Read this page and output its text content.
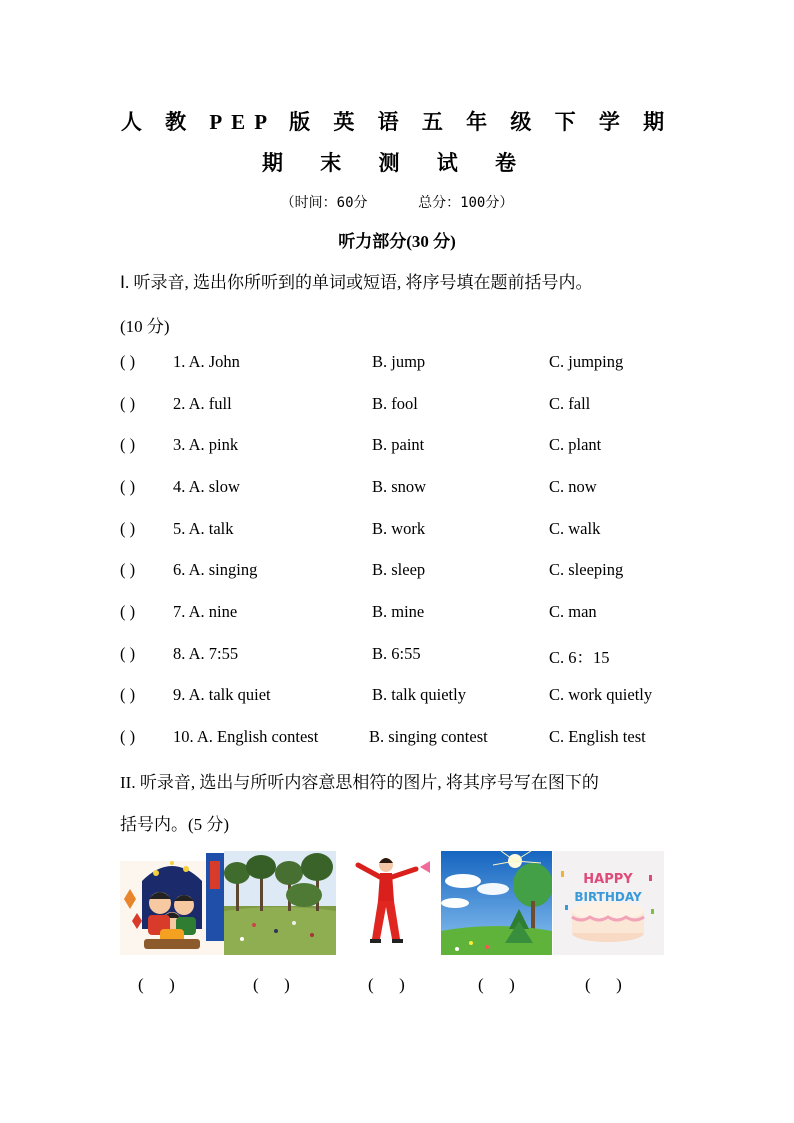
人 教 PEP 版 英 语 五 年 级 下 学 期
期 末 测 试 卷
（时间：60分      总分：100分）
听力部分(30 分)
Ⅰ. 听录音, 选出你所听到的单词或短语, 将序号填在题前括号内。
(10 分)
( ) 1. A. John	B. jump	C. jumping
( ) 2. A. full	B. fool	C. fall
( ) 3. A. pink	B. paint	C. plant
( ) 4. A. slow	B. snow	C. now
( ) 5. A. talk	B. work	C. walk
( ) 6. A. singing	B. sleep	C. sleeping
( ) 7. A. nine	B. mine	C. man
( ) 8. A. 7:55	B. 6:55	C. 6：15
( ) 9. A. talk quiet	B. talk quietly	C. work quietly
( ) 10. A. English contest	B. singing contest	C. English test
II. 听录音, 选出与所听内容意思相符的图片, 将其序号写在图下的
括号内。(5 分)
HAPPY
BIRTHDAY
(      )	(      )	(      )	(      )	(      )
